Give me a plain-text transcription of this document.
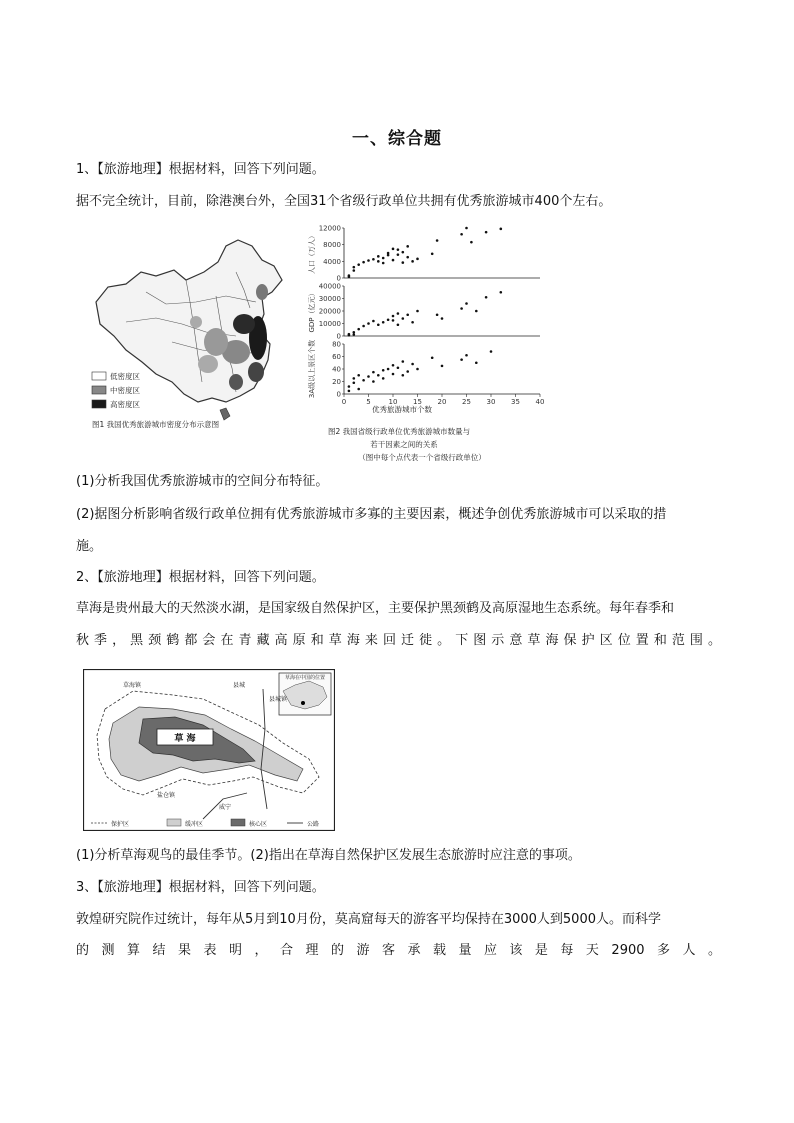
一、综合题
1、【旅游地理】根据材料，回答下列问题。
据不完全统计，目前，除港澳台外，全国31个省级行政单位共拥有优秀旅游城市400个左右。
低密度区
中密度区
高密度区
图1 我国优秀旅游城市密度分布示意图
0
4000
8000
12000
人口（万人）
0
10000
20000
30000
40000
GDP（亿元）
0
20
40
60
80
3A级以上景区个数
0	5	10 15 20 25 30 35 40
优秀旅游城市个数
图2 我国省级行政单位优秀旅游城市数量与
若干因素之间的关系
（图中每个点代表一个省级行政单位）
(1)分析我国优秀旅游城市的空间分布特征。
(2)据图分析影响省级行政单位拥有优秀旅游城市多寡的主要因素，概述争创优秀旅游城市可以采取的措
施。
2、【旅游地理】根据材料，回答下列问题。
草海是贵州最大的天然淡水湖，是国家级自然保护区，主要保护黑颈鹤及高原湿地生态系统。每年春季和
秋季，黑颈鹤都会在青藏高原和草海来回迁徙。下图示意草海保护区位置和范围。
草 海
草海在中国的位置
草海镇	县城
县城镇
盐仓镇
威宁
保护区	缓冲区	核心区	公路
(1)分析草海观鸟的最佳季节。(2)指出在草海自然保护区发展生态旅游时应注意的事项。
3、【旅游地理】根据材料，回答下列问题。
敦煌研究院作过统计，每年从5月到10月份，莫高窟每天的游客平均保持在3000人到5000人。而科学
的测算结果表明，合理的游客承载量应该是每天2900多人。
